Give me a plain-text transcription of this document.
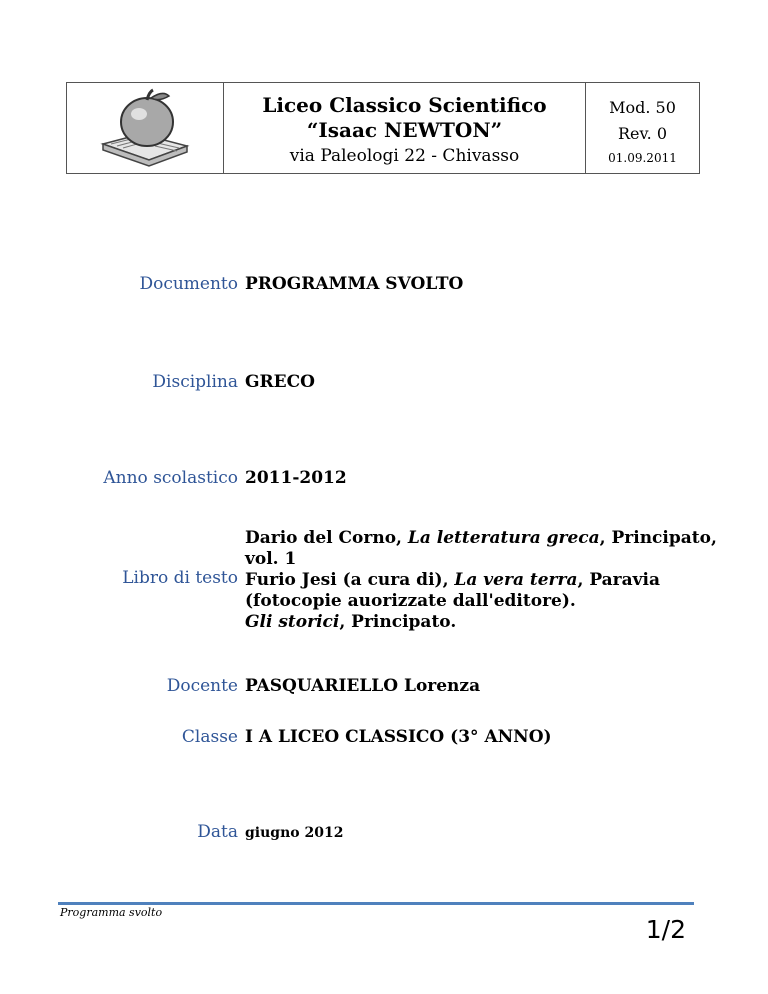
Liceo Classico Scientifico
“Isaac NEWTON”
via Paleologi 22 - Chivasso
Mod. 50
Rev. 0
01.09.2011
Documento PROGRAMMA SVOLTO
Disciplina GRECO
Anno scolastico 2011-2012
Libro di testo
Dario del Corno, La letteratura greca, Principato,
vol. 1
Furio Jesi (a cura di), La vera terra, Paravia
(fotocopie auorizzate dall'editore).
Gli storici, Principato.
Docente PASQUARIELLO Lorenza
Classe I A LICEO CLASSICO (3° ANNO)
Data giugno 2012
Programma svolto
1/2
